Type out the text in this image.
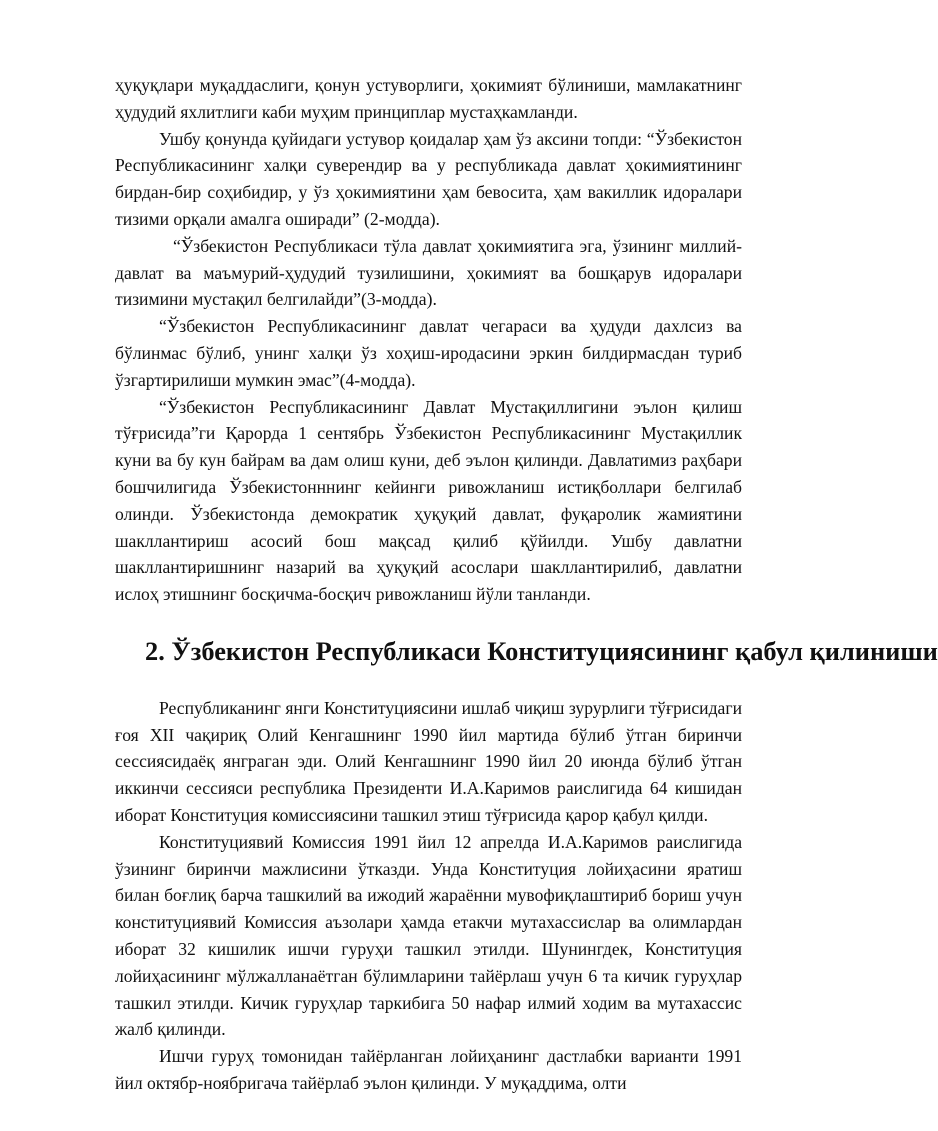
ҳуқуқлари муқаддаслиги, қонун устуворлиги, ҳокимият бўлиниши, мамлакатнинг ҳудудий яхлитлиги каби муҳим принциплар мустаҳкамланди.

Ушбу қонунда қуйидаги устувор қоидалар ҳам ўз аксини топди: “Ўзбекистон Республикасининг халқи суверендир ва у республикада давлат ҳокимиятининг бирдан-бир соҳибидир, у ўз ҳокимиятини ҳам бевосита, ҳам вакиллик идоралари тизими орқали амалга оширади” (2-модда).

“Ўзбекистон Республикаси тўла давлат ҳокимиятига эга, ўзининг миллий-давлат ва маъмурий-ҳудудий тузилишини, ҳокимият ва бошқарув идоралари тизимини мустақил белгилайди”(3-модда).

“Ўзбекистон Республикасининг давлат чегараси ва ҳудуди дахлсиз ва бўлинмас бўлиб, унинг халқи ўз хоҳиш-иродасини эркин билдирмасдан туриб ўзгартирилиши мумкин эмас”(4-модда).

“Ўзбекистон Республикасининг Давлат Мустақиллигини эълон қилиш тўғрисида”ги Қарорда 1 сентябрь Ўзбекистон Республикасининг Мустақиллик куни ва бу кун байрам ва дам олиш куни, деб эълон қилинди. Давлатимиз раҳбари бошчилигида Ўзбекистонннинг кейинги ривожланиш истиқболлари белгилаб олинди. Ўзбекистонда демократик ҳуқуқий давлат, фуқаролик жамиятини шакллантириш асосий бош мақсад қилиб қўйилди. Ушбу давлатни шакллантиришнинг назарий ва ҳуқуқий асослари шакллантирилиб, давлатни ислоҳ этишнинг босқичма-босқич ривожланиш йўли танланди.

2. Ўзбекистон Республикаси Конституциясининг қабул қилиниши

Республиканинг янги Конституциясини ишлаб чиқиш зурурлиги тўғрисидаги ғоя XII чақириқ Олий Кенгашнинг 1990 йил мартида бўлиб ўтган биринчи сессиясидаёқ янграган эди. Олий Кенгашнинг 1990 йил 20 июнда бўлиб ўтган иккинчи сессияси республика Президенти И.А.Каримов раислигида 64 кишидан иборат Конституция комиссиясини ташкил этиш тўғрисида қарор қабул қилди.

Конституциявий Комиссия 1991 йил 12 апрелда И.А.Каримов раислигида ўзининг биринчи мажлисини ўтказди. Унда Конституция лойиҳасини яратиш билан боғлиқ барча ташкилий ва ижодий жараённи мувофиқлаштириб бориш учун конституциявий Комиссия аъзолари ҳамда етакчи мутахассислар ва олимлардан иборат 32 кишилик ишчи гуруҳи ташкил этилди. Шунингдек, Конституция лойиҳасининг мўлжалланаётган бўлимларини тайёрлаш учун 6 та кичик гуруҳлар ташкил этилди. Кичик гуруҳлар таркибига 50 нафар илмий ходим ва мутахассис жалб қилинди.

Ишчи гуруҳ томонидан тайёрланган лойиҳанинг дастлабки варианти 1991 йил октябр-ноябригача тайёрлаб эълон қилинди. У муқаддима, олти
